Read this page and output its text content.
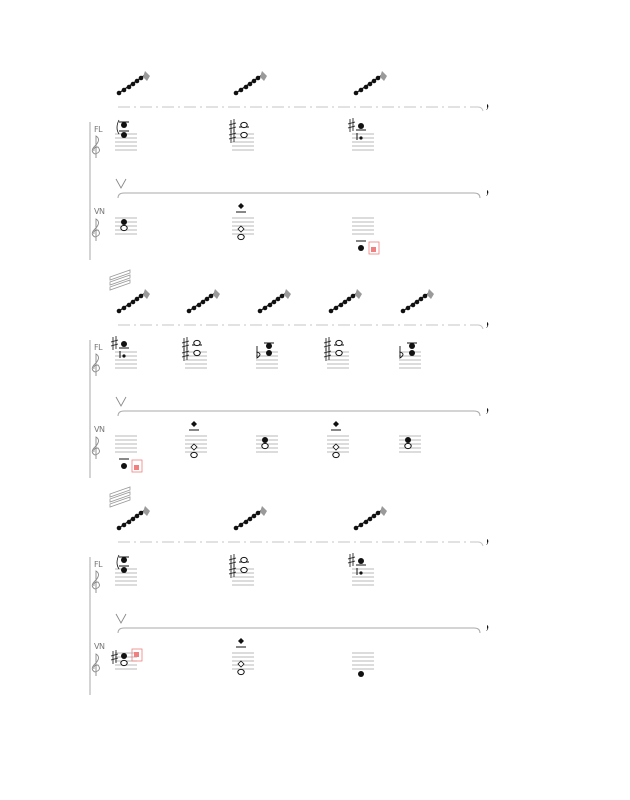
FL
VN
FL
VN
FL
VN
